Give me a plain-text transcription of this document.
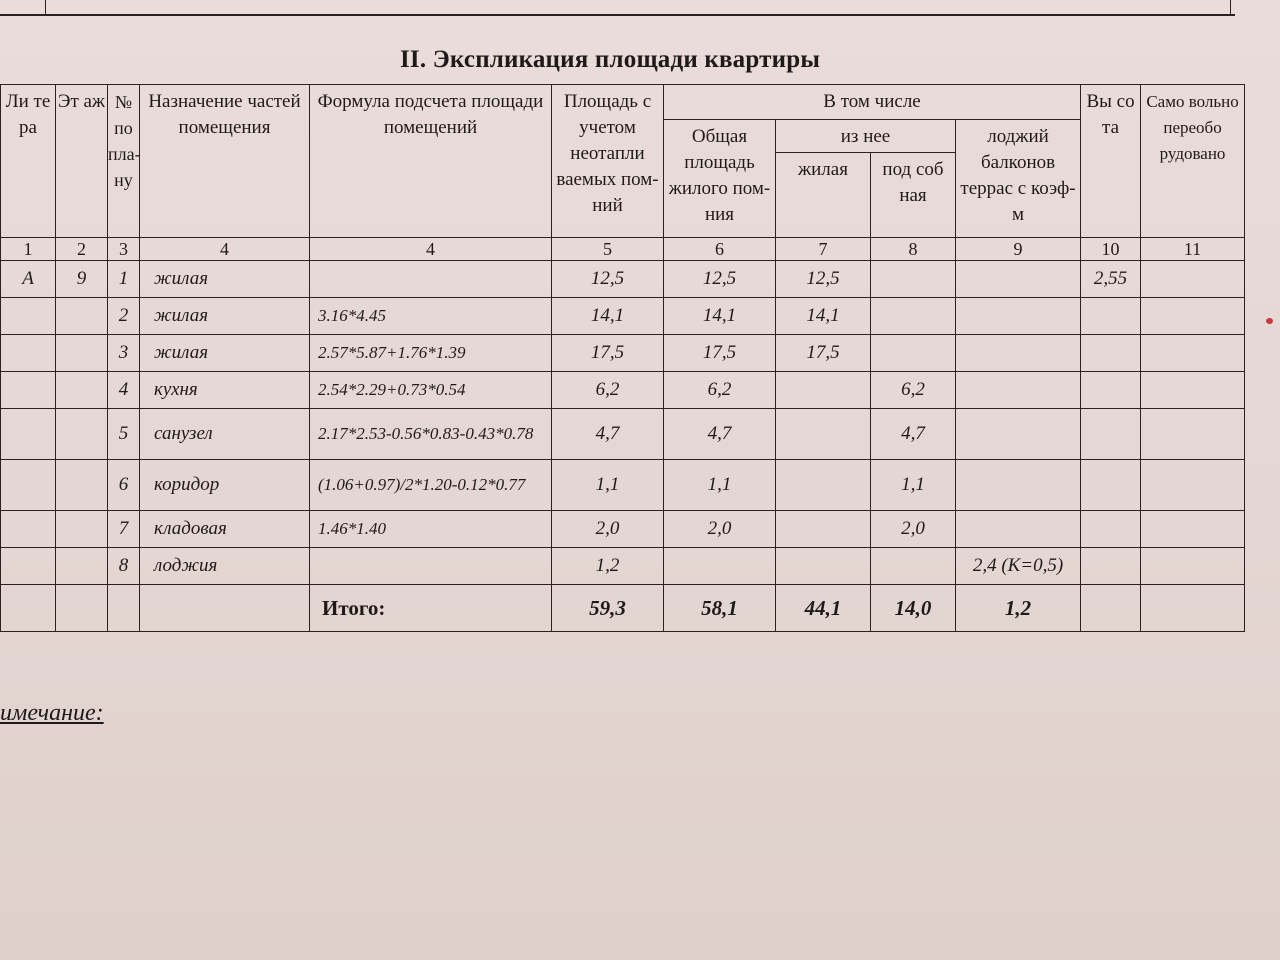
II. Экспликация площади квартиры
Ли те ра	Эт аж	№ по пла- ну	Назначение частей помещения	Формула подсчета площади помещений	Площадь с учетом неотапли ваемых пом-ний	В том числе				Вы со та	Само вольно переобо рудовано
						Общая площадь жилого пом-ния	из нее		лоджий балконов террас с коэф-м		
							жилая	под соб ная			
1	2	3	4	4	5	6	7	8	9	10	11
А	9	1	жилая		12,5	12,5	12,5			2,55	
		2	жилая	3.16*4.45	14,1	14,1	14,1				
		3	жилая	2.57*5.87+1.76*1.39	17,5	17,5	17,5				
		4	кухня	2.54*2.29+0.73*0.54	6,2	6,2		6,2			
		5	санузел	2.17*2.53-0.56*0.83-0.43*0.78	4,7	4,7		4,7			
		6	коридор	(1.06+0.97)/2*1.20-0.12*0.77	1,1	1,1		1,1			
		7	кладовая	1.46*1.40	2,0	2,0		2,0			
		8	лоджия		1,2				2,4 (К=0,5)		
				Итого:	59,3	58,1	44,1	14,0	1,2		
имечание:
